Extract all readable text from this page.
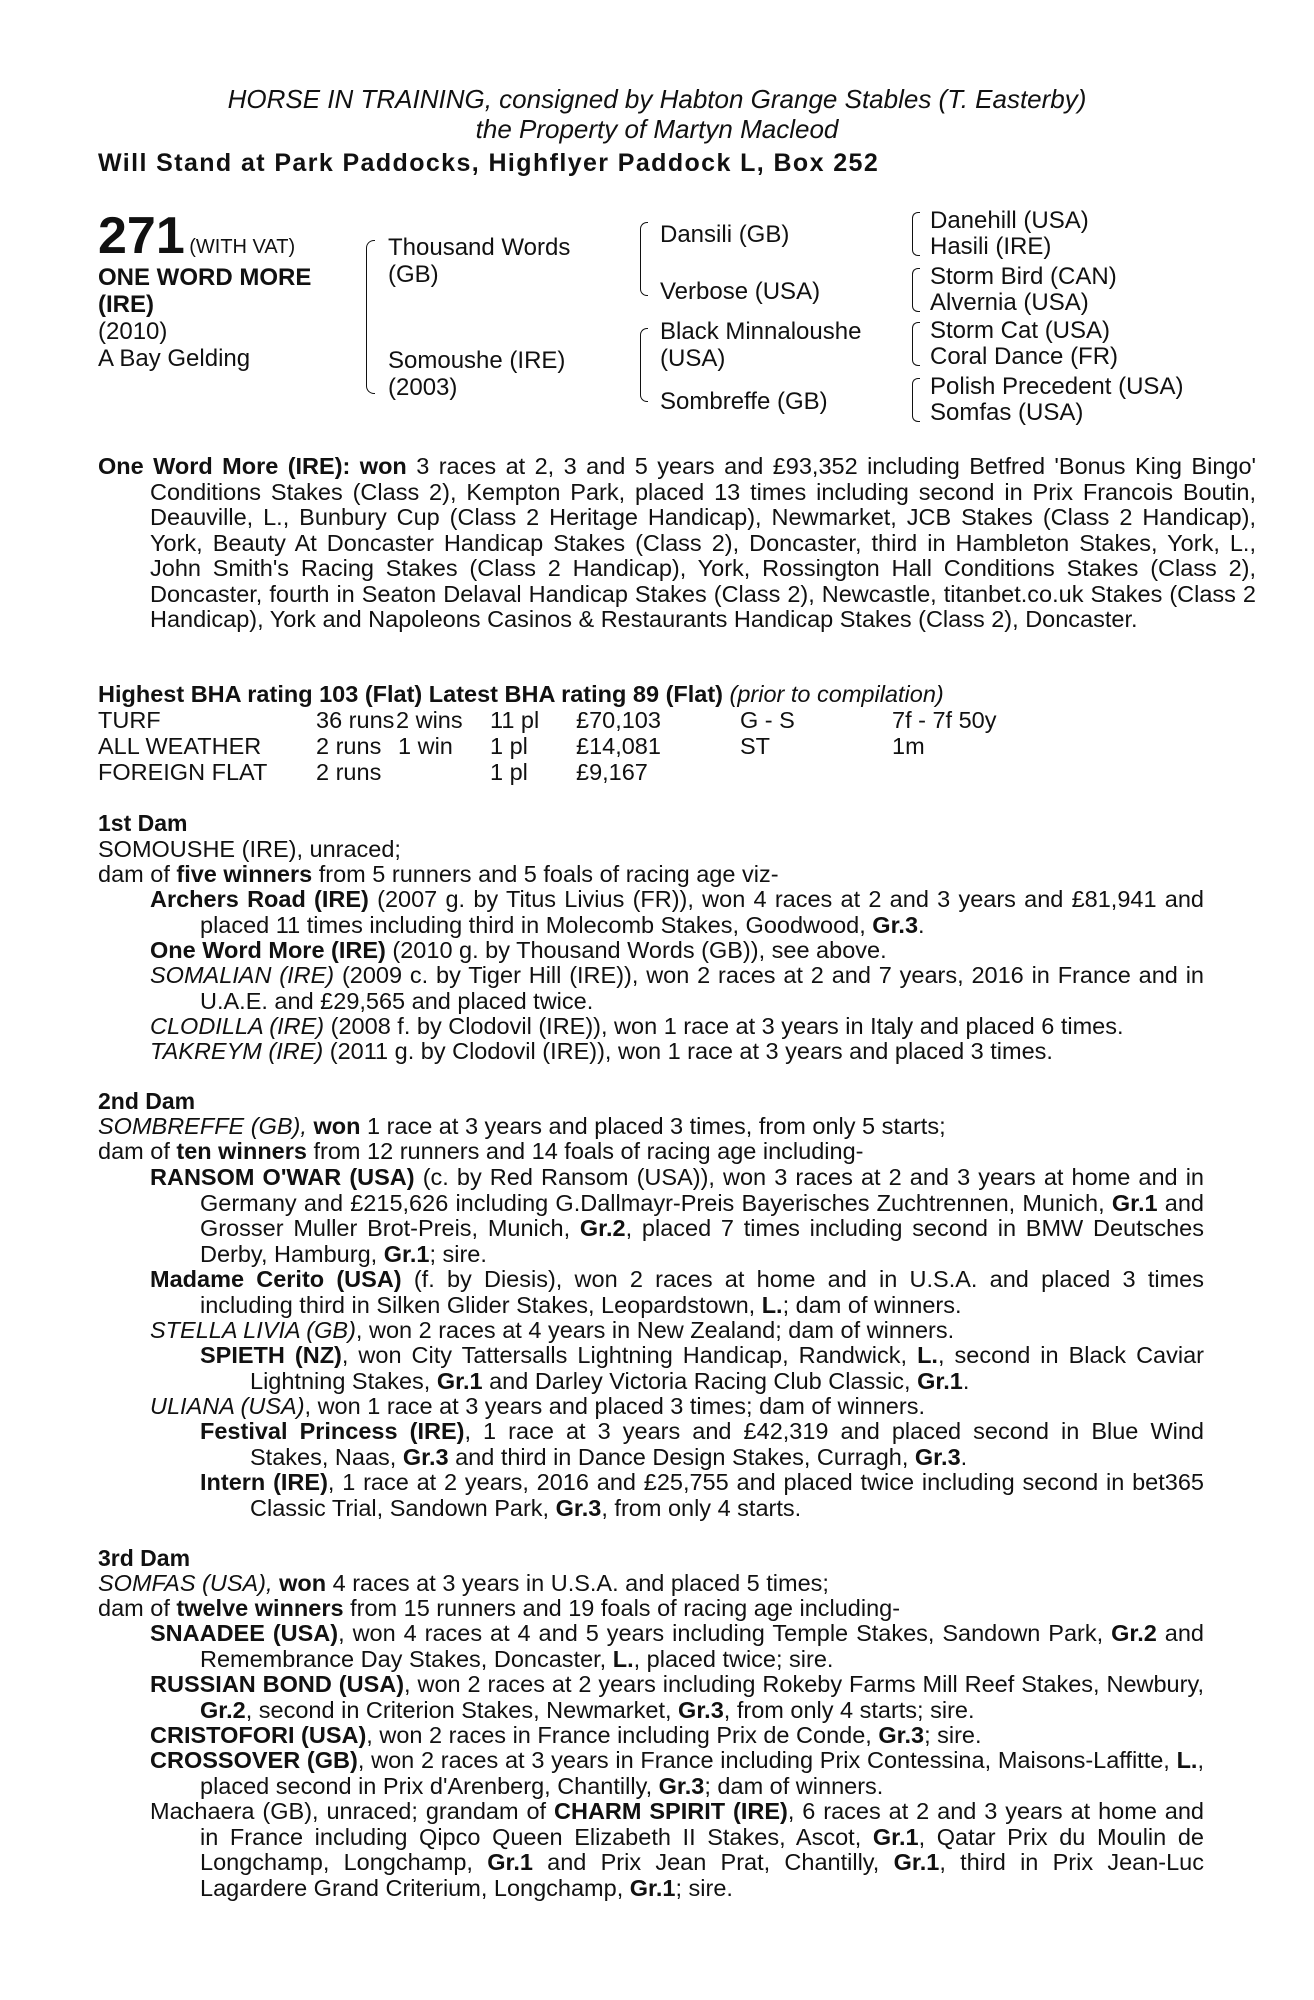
HORSE IN TRAINING, consigned by Habton Grange Stables (T. Easterby)
the Property of Martyn Macleod
Will Stand at Park Paddocks, Highflyer Paddock L, Box 252
271 (WITH VAT)
ONE WORD MORE
(IRE)
(2010)
A Bay Gelding
Thousand Words
(GB)
Somoushe (IRE)
(2003)
Dansili (GB)
Verbose (USA)
Black Minnaloushe
(USA)
Sombreffe (GB)
Danehill (USA)
Hasili (IRE)
Storm Bird (CAN)
Alvernia (USA)
Storm Cat (USA)
Coral Dance (FR)
Polish Precedent (USA)
Somfas (USA)
One Word More (IRE): won 3 races at 2, 3 and 5 years and £93,352 including Betfred 'Bonus King Bingo' Conditions Stakes (Class 2), Kempton Park, placed 13 times including second in Prix Francois Boutin, Deauville, L., Bunbury Cup (Class 2 Heritage Handicap), Newmarket, JCB Stakes (Class 2 Handicap), York, Beauty At Doncaster Handicap Stakes (Class 2), Doncaster, third in Hambleton Stakes, York, L., John Smith's Racing Stakes (Class 2 Handicap), York, Rossington Hall Conditions Stakes (Class 2), Doncaster, fourth in Seaton Delaval Handicap Stakes (Class 2), Newcastle, titanbet.co.uk Stakes (Class 2 Handicap), York and Napoleons Casinos & Restaurants Handicap Stakes (Class 2), Doncaster.
Highest BHA rating 103 (Flat) Latest BHA rating 89 (Flat) (prior to compilation)
TURF	36 runs 2 wins 11 pl £70,103	G - S	7f - 7f 50y
ALL WEATHER 2 runs 1 win 1 pl £14,081	ST	1m
FOREIGN FLAT 2 runs	1 pl £9,167
1st Dam
SOMOUSHE (IRE), unraced;
dam of five winners from 5 runners and 5 foals of racing age viz-
Archers Road (IRE) (2007 g. by Titus Livius (FR)), won 4 races at 2 and 3 years and £81,941 and placed 11 times including third in Molecomb Stakes, Goodwood, Gr.3.
One Word More (IRE) (2010 g. by Thousand Words (GB)), see above.
SOMALIAN (IRE) (2009 c. by Tiger Hill (IRE)), won 2 races at 2 and 7 years, 2016 in France and in U.A.E. and £29,565 and placed twice.
CLODILLA (IRE) (2008 f. by Clodovil (IRE)), won 1 race at 3 years in Italy and placed 6 times.
TAKREYM (IRE) (2011 g. by Clodovil (IRE)), won 1 race at 3 years and placed 3 times.
2nd Dam
SOMBREFFE (GB), won 1 race at 3 years and placed 3 times, from only 5 starts;
dam of ten winners from 12 runners and 14 foals of racing age including-
RANSOM O'WAR (USA) (c. by Red Ransom (USA)), won 3 races at 2 and 3 years at home and in Germany and £215,626 including G.Dallmayr-Preis Bayerisches Zuchtrennen, Munich, Gr.1 and Grosser Muller Brot-Preis, Munich, Gr.2, placed 7 times including second in BMW Deutsches Derby, Hamburg, Gr.1; sire.
Madame Cerito (USA) (f. by Diesis), won 2 races at home and in U.S.A. and placed 3 times including third in Silken Glider Stakes, Leopardstown, L.; dam of winners.
STELLA LIVIA (GB), won 2 races at 4 years in New Zealand; dam of winners.
SPIETH (NZ), won City Tattersalls Lightning Handicap, Randwick, L., second in Black Caviar Lightning Stakes, Gr.1 and Darley Victoria Racing Club Classic, Gr.1.
ULIANA (USA), won 1 race at 3 years and placed 3 times; dam of winners.
Festival Princess (IRE), 1 race at 3 years and £42,319 and placed second in Blue Wind Stakes, Naas, Gr.3 and third in Dance Design Stakes, Curragh, Gr.3.
Intern (IRE), 1 race at 2 years, 2016 and £25,755 and placed twice including second in bet365 Classic Trial, Sandown Park, Gr.3, from only 4 starts.
3rd Dam
SOMFAS (USA), won 4 races at 3 years in U.S.A. and placed 5 times;
dam of twelve winners from 15 runners and 19 foals of racing age including-
SNAADEE (USA), won 4 races at 4 and 5 years including Temple Stakes, Sandown Park, Gr.2 and Remembrance Day Stakes, Doncaster, L., placed twice; sire.
RUSSIAN BOND (USA), won 2 races at 2 years including Rokeby Farms Mill Reef Stakes, Newbury, Gr.2, second in Criterion Stakes, Newmarket, Gr.3, from only 4 starts; sire.
CRISTOFORI (USA), won 2 races in France including Prix de Conde, Gr.3; sire.
CROSSOVER (GB), won 2 races at 3 years in France including Prix Contessina, Maisons-Laffitte, L., placed second in Prix d'Arenberg, Chantilly, Gr.3; dam of winners.
Machaera (GB), unraced; grandam of CHARM SPIRIT (IRE), 6 races at 2 and 3 years at home and in France including Qipco Queen Elizabeth II Stakes, Ascot, Gr.1, Qatar Prix du Moulin de Longchamp, Longchamp, Gr.1 and Prix Jean Prat, Chantilly, Gr.1, third in Prix Jean-Luc Lagardere Grand Criterium, Longchamp, Gr.1; sire.
